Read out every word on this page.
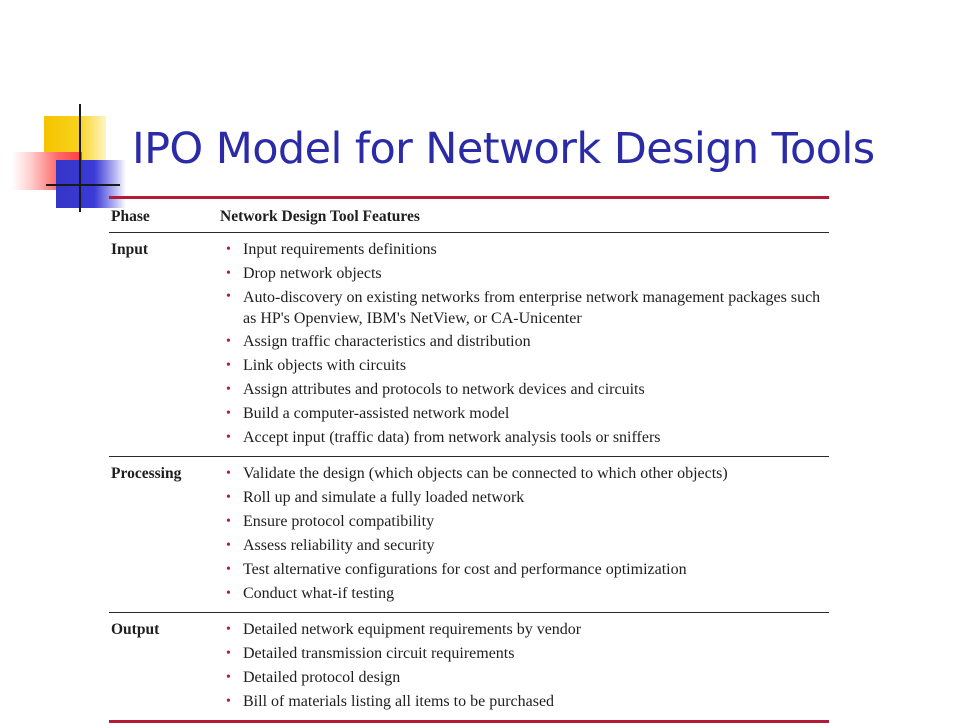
IPO Model for Network Design Tools
Phase	Network Design Tool Features
Input	• Input requirements definitions
• Drop network objects
• Auto-discovery on existing networks from enterprise network management packages such as HP's Openview, IBM's NetView, or CA-Unicenter
• Assign traffic characteristics and distribution
• Link objects with circuits
• Assign attributes and protocols to network devices and circuits
• Build a computer-assisted network model
• Accept input (traffic data) from network analysis tools or sniffers
Processing	• Validate the design (which objects can be connected to which other objects)
• Roll up and simulate a fully loaded network
• Ensure protocol compatibility
• Assess reliability and security
• Test alternative configurations for cost and performance optimization
• Conduct what-if testing
Output	• Detailed network equipment requirements by vendor
• Detailed transmission circuit requirements
• Detailed protocol design
• Bill of materials listing all items to be purchased
